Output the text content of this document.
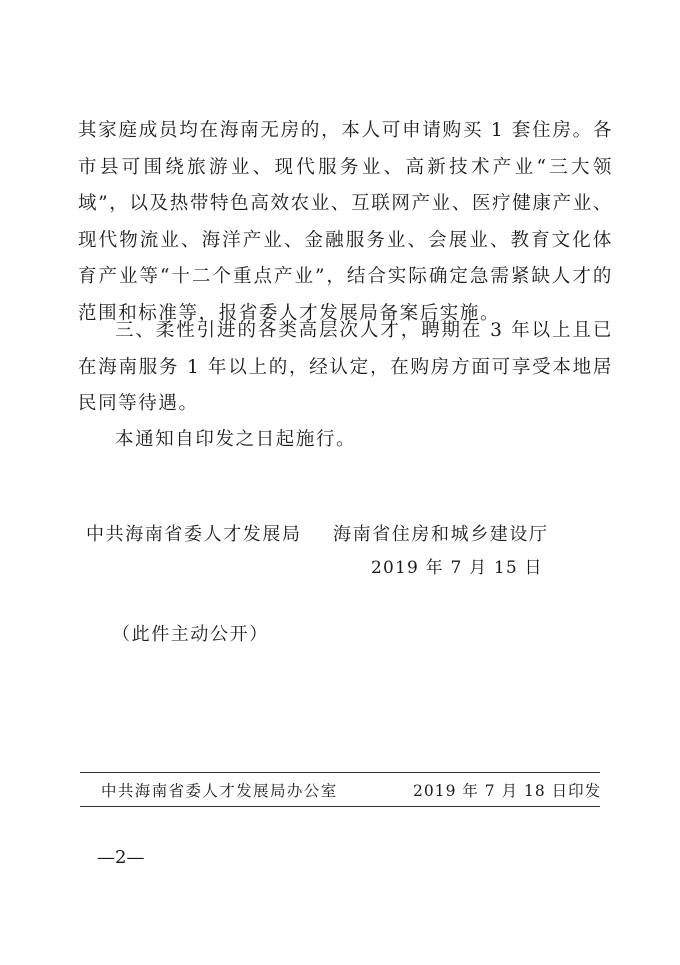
其家庭成员均在海南无房的，本人可申请购买 1 套住房。各市县可围绕旅游业、现代服务业、高新技术产业“三大领域”，以及热带特色高效农业、互联网产业、医疗健康产业、现代物流业、海洋产业、金融服务业、会展业、教育文化体育产业等“十二个重点产业”，结合实际确定急需紧缺人才的范围和标准等，报省委人才发展局备案后实施。

三、柔性引进的各类高层次人才，聘期在 3 年以上且已在海南服务 1 年以上的，经认定，在购房方面可享受本地居民同等待遇。

本通知自印发之日起施行。

中共海南省委人才发展局 海南省住房和城乡建设厅
2019 年 7 月 15 日
（此件主动公开）
中共海南省委人才发展局办公室	2019 年 7 月 18 日印发
—2—
